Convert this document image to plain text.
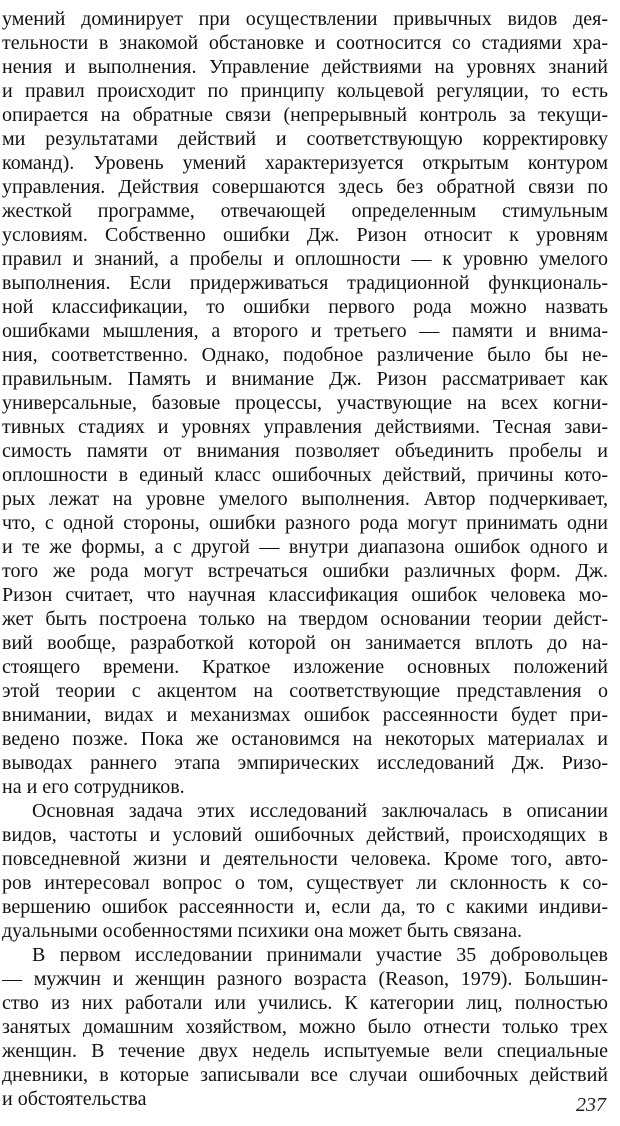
умений доминирует при осуществлении привычных видов дея-
тельности в знакомой обстановке и соотносится со стадиями хра-
нения и выполнения. Управление действиями на уровнях знаний
и правил происходит по принципу кольцевой регуляции, то есть
опирается на обратные связи (непрерывный контроль за текущи-
ми результатами действий и соответствующую корректировку
команд). Уровень умений характеризуется открытым контуром
управления. Действия совершаются здесь без обратной связи по
жесткой программе, отвечающей определенным стимульным
условиям. Собственно ошибки Дж. Ризон относит к уровням
правил и знаний, а пробелы и оплошности — к уровню умелого
выполнения. Если придерживаться традиционной функциональ-
ной классификации, то ошибки первого рода можно назвать
ошибками мышления, а второго и третьего — памяти и внима-
ния, соответственно. Однако, подобное различение было бы не-
правильным. Память и внимание Дж. Ризон рассматривает как
универсальные, базовые процессы, участвующие на всех когни-
тивных стадиях и уровнях управления действиями. Тесная зави-
симость памяти от внимания позволяет объединить пробелы и
оплошности в единый класс ошибочных действий, причины кото-
рых лежат на уровне умелого выполнения. Автор подчеркивает,
что, с одной стороны, ошибки разного рода могут принимать одни
и те же формы, а с другой — внутри диапазона ошибок одного и
того же рода могут встречаться ошибки различных форм. Дж.
Ризон считает, что научная классификация ошибок человека мо-
жет быть построена только на твердом основании теории дейст-
вий вообще, разработкой которой он занимается вплоть до на-
стоящего времени. Краткое изложение основных положений
этой теории с акцентом на соответствующие представления о
внимании, видах и механизмах ошибок рассеянности будет при-
ведено позже. Пока же остановимся на некоторых материалах и
выводах раннего этапа эмпирических исследований Дж. Ризо-
на и его сотрудников.
Основная задача этих исследований заключалась в описании
видов, частоты и условий ошибочных действий, происходящих в
повседневной жизни и деятельности человека. Кроме того, авто-
ров интересовал вопрос о том, существует ли склонность к со-
вершению ошибок рассеянности и, если да, то с какими индиви-
дуальными особенностями психики она может быть связана.
В первом исследовании принимали участие 35 добровольцев
— мужчин и женщин разного возраста (Reason, 1979). Большин-
ство из них работали или учились. К категории лиц, полностью
занятых домашним хозяйством, можно было отнести только трех
женщин. В течение двух недель испытуемые вели специальные
дневники, в которые записывали все случаи ошибочных действий
и обстоятельства	237
